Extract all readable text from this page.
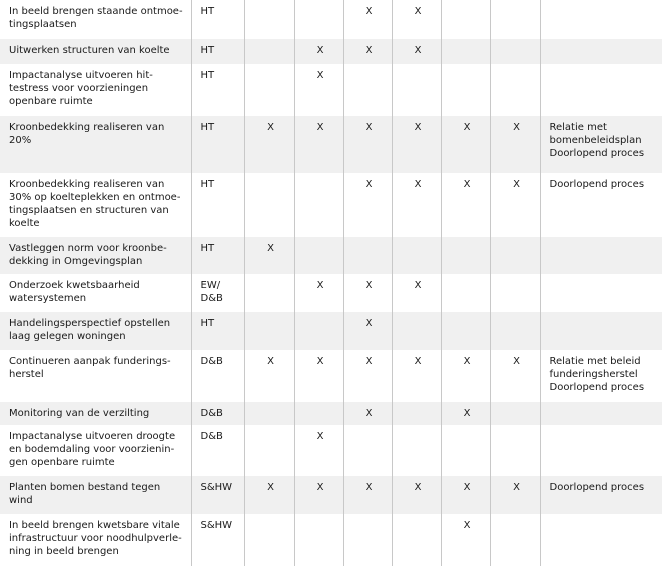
In beeld brengen staande ontmoe-tingsplaatsen	HT			X	X			
Uitwerken structuren van koelte	HT		X	X	X			
Impactanalyse uitvoeren hit-testress voor voorzieningen openbare ruimte	HT		X					
Kroonbedekking realiseren van 20%	HT	X	X	X	X	X	X	Relatie met bomenbeleidsplan Doorlopend proces
Kroonbedekking realiseren van 30% op koelteplekken en ontmoe-tingsplaatsen en structuren van koelte	HT			X	X	X	X	Doorlopend proces
Vastleggen norm voor kroonbe-dekking in Omgevingsplan	HT	X						
Onderzoek kwetsbaarheid watersystemen	EW/ D&B		X	X	X			
Handelingsperspectief opstellen laag gelegen woningen	HT			X				
Continueren aanpak funderings-herstel	D&B	X	X	X	X	X	X	Relatie met beleid funderingsherstel Doorlopend proces
Monitoring van de verzilting	D&B			X		X		
Impactanalyse uitvoeren droogte en bodemdaling voor voorzienin-gen openbare ruimte	D&B		X					
Planten bomen bestand tegen wind	S&HW	X	X	X	X	X	X	Doorlopend proces
In beeld brengen kwetsbare vitale infrastructuur voor noodhulpverle-ning in beeld brengen	S&HW					X		
